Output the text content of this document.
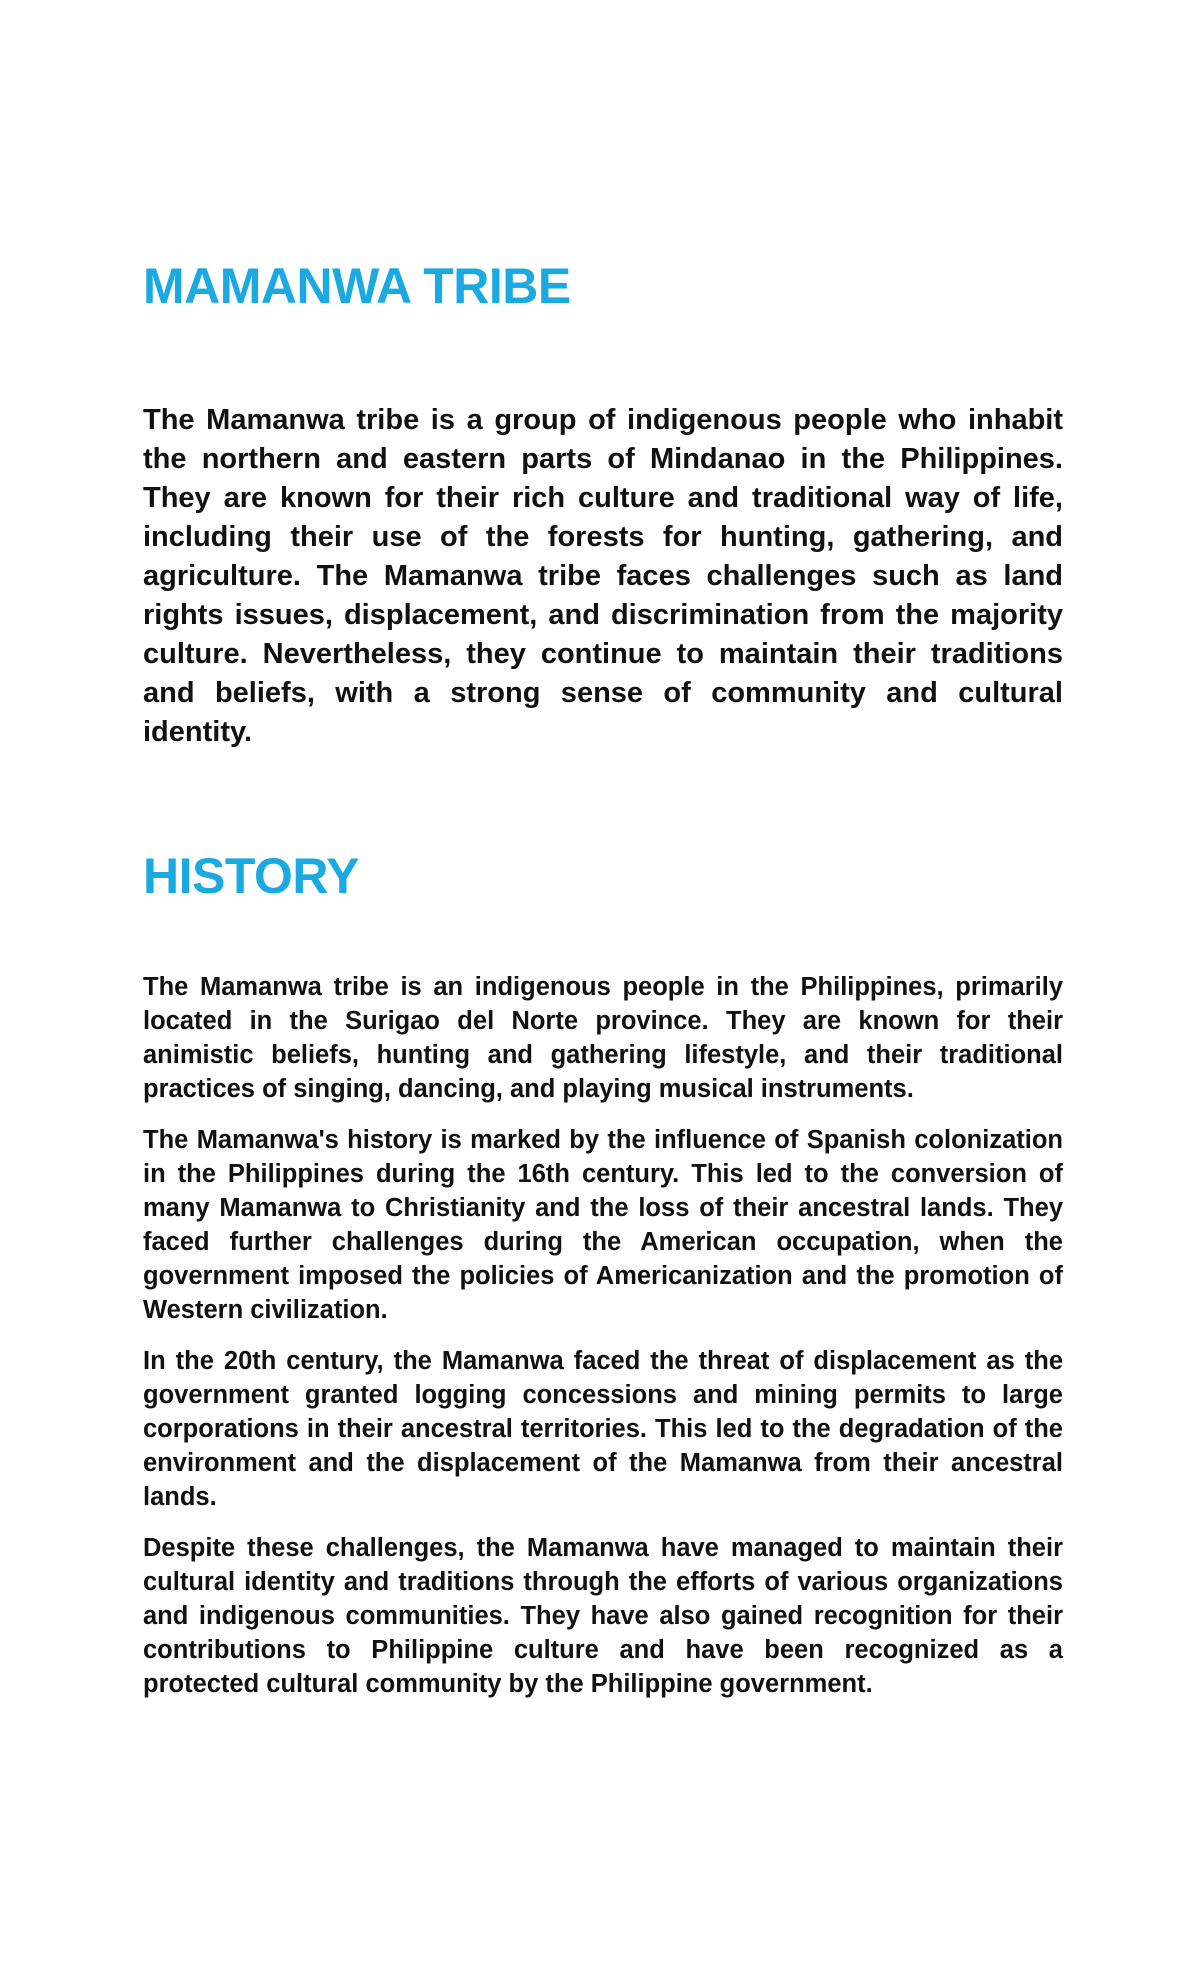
MAMANWA TRIBE

The Mamanwa tribe is a group of indigenous people who inhabit the northern and eastern parts of Mindanao in the Philippines. They are known for their rich culture and traditional way of life, including their use of the forests for hunting, gathering, and agriculture. The Mamanwa tribe faces challenges such as land rights issues, displacement, and discrimination from the majority culture. Nevertheless, they continue to maintain their traditions and beliefs, with a strong sense of community and cultural identity.

HISTORY

The Mamanwa tribe is an indigenous people in the Philippines, primarily located in the Surigao del Norte province. They are known for their animistic beliefs, hunting and gathering lifestyle, and their traditional practices of singing, dancing, and playing musical instruments.

The Mamanwa's history is marked by the influence of Spanish colonization in the Philippines during the 16th century. This led to the conversion of many Mamanwa to Christianity and the loss of their ancestral lands. They faced further challenges during the American occupation, when the government imposed the policies of Americanization and the promotion of Western civilization.

In the 20th century, the Mamanwa faced the threat of displacement as the government granted logging concessions and mining permits to large corporations in their ancestral territories. This led to the degradation of the environment and the displacement of the Mamanwa from their ancestral lands.

Despite these challenges, the Mamanwa have managed to maintain their cultural identity and traditions through the efforts of various organizations and indigenous communities. They have also gained recognition for their contributions to Philippine culture and have been recognized as a protected cultural community by the Philippine government.
